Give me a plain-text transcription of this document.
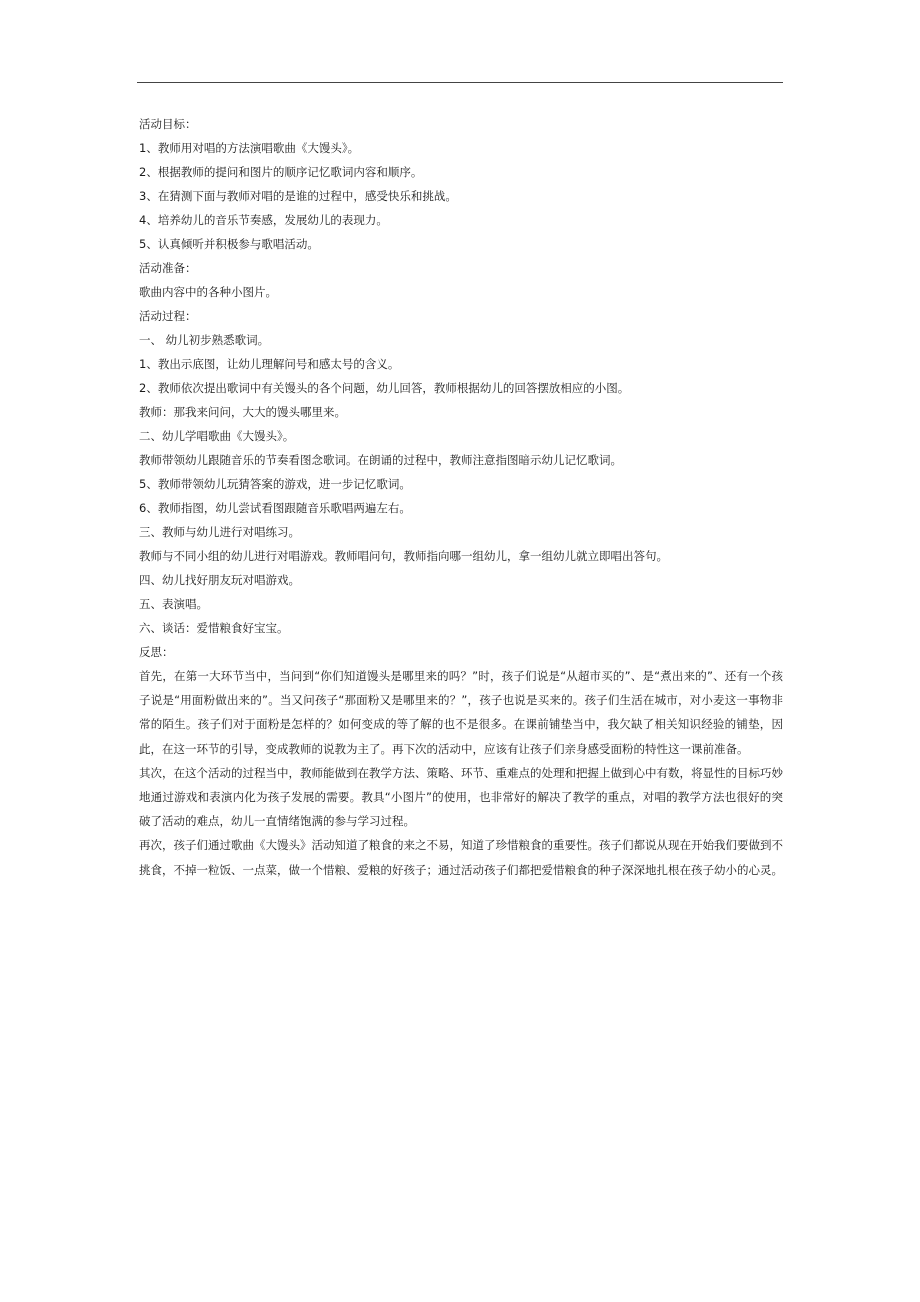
活动目标：
1、教师用对唱的方法演唱歌曲《大馒头》。
2、根据教师的提问和图片的顺序记忆歌词内容和顺序。
3、在猜测下面与教师对唱的是谁的过程中，感受快乐和挑战。
4、培养幼儿的音乐节奏感，发展幼儿的表现力。
5、认真倾听并积极参与歌唱活动。
活动准备：
歌曲内容中的各种小图片。
活动过程：
一、 幼儿初步熟悉歌词。
1、教出示底图，让幼儿理解问号和感太号的含义。
2、教师依次提出歌词中有关馒头的各个问题，幼儿回答，教师根据幼儿的回答摆放相应的小图。
教师：那我来问问，大大的馒头哪里来。
二、幼儿学唱歌曲《大馒头》。
教师带领幼儿跟随音乐的节奏看图念歌词。在朗诵的过程中，教师注意指图暗示幼儿记忆歌词。
5、教师带领幼儿玩猜答案的游戏，进一步记忆歌词。
6、教师指图，幼儿尝试看图跟随音乐歌唱两遍左右。
三、教师与幼儿进行对唱练习。
教师与不同小组的幼儿进行对唱游戏。教师唱问句，教师指向哪一组幼儿，拿一组幼儿就立即唱出答句。
四、幼儿找好朋友玩对唱游戏。
五、表演唱。
六、谈话：爱惜粮食好宝宝。
反思：

首先，在第一大环节当中，当问到“你们知道馒头是哪里来的吗？”时，孩子们说是“从超市买的”、是“煮出来的”、还有一个孩子说是“用面粉做出来的”。当又问孩子“那面粉又是哪里来的？”，孩子也说是买来的。孩子们生活在城市，对小麦这一事物非常的陌生。孩子们对于面粉是怎样的？如何变成的等了解的也不是很多。在课前铺垫当中，我欠缺了相关知识经验的铺垫，因此，在这一环节的引导，变成教师的说教为主了。再下次的活动中，应该有让孩子们亲身感受面粉的特性这一课前准备。

其次，在这个活动的过程当中，教师能做到在教学方法、策略、环节、重难点的处理和把握上做到心中有数，将显性的目标巧妙地通过游戏和表演内化为孩子发展的需要。教具“小图片”的使用，也非常好的解决了教学的重点，对唱的教学方法也很好的突破了活动的难点，幼儿一直情绪饱满的参与学习过程。

再次，孩子们通过歌曲《大馒头》活动知道了粮食的来之不易，知道了珍惜粮食的重要性。孩子们都说从现在开始我们要做到不挑食，不掉一粒饭、一点菜，做一个惜粮、爱粮的好孩子；通过活动孩子们都把爱惜粮食的种子深深地扎根在孩子幼小的心灵。
